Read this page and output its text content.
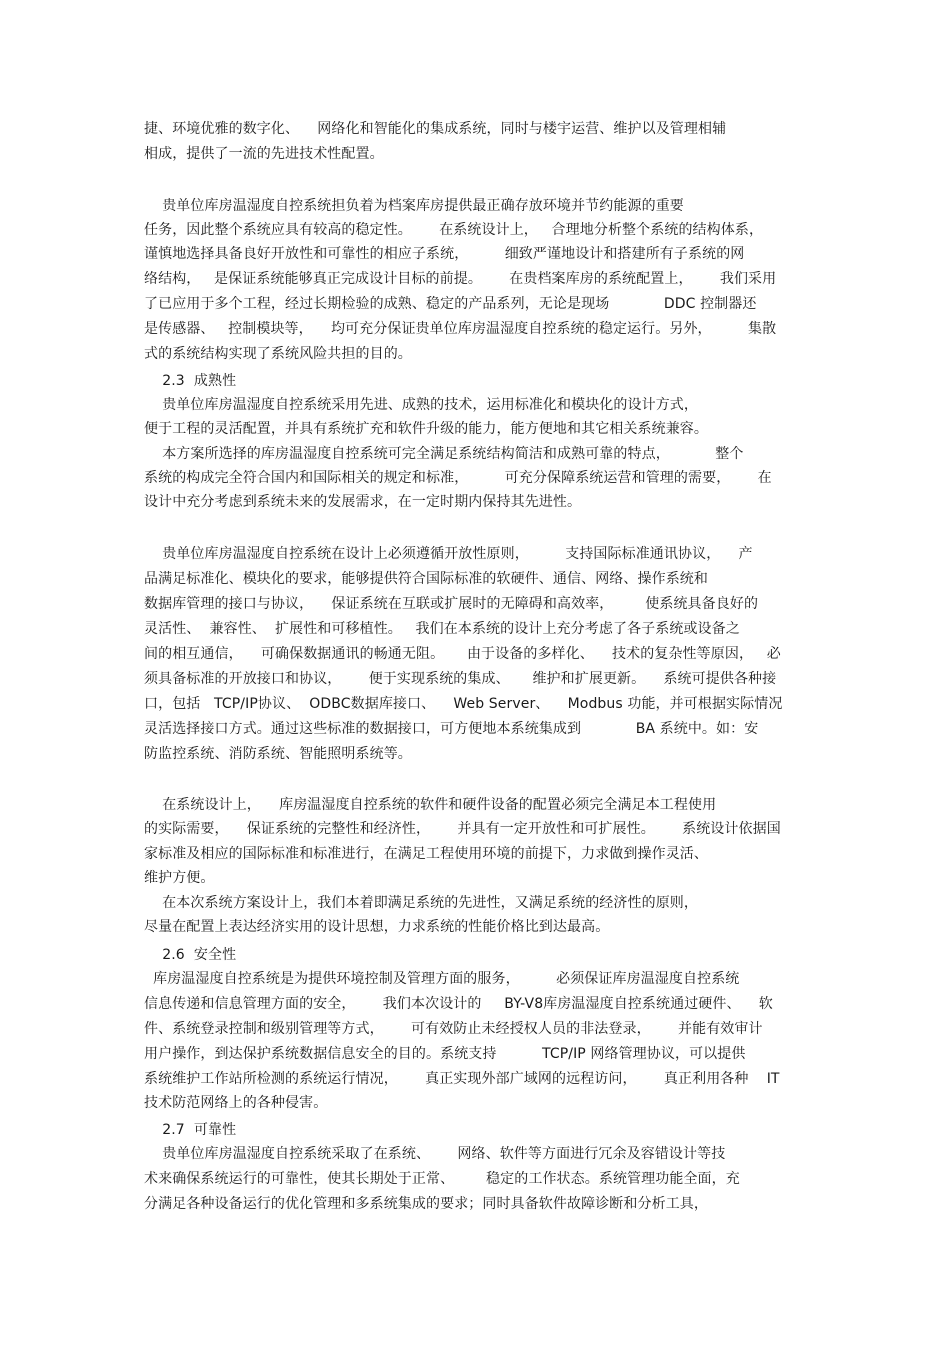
捷、环境优雅的数字化、    网络化和智能化的集成系统，同时与楼宇运营、维护以及管理相辅
相成，提供了一流的先进技术性配置。
贵单位库房温湿度自控系统担负着为档案库房提供最正确存放环境并节约能源的重要
任务，因此整个系统应具有较高的稳定性。      在系统设计上，   合理地分析整个系统的结构体系，
谨慎地选择具备良好开放性和可靠性的相应子系统，        细致严谨地设计和搭建所有子系统的网
络结构，   是保证系统能够真正完成设计目标的前提。      在贵档案库房的系统配置上，      我们采用
了已应用于多个工程，经过长期检验的成熟、稳定的产品系列，无论是现场            DDC 控制器还
是传感器、   控制模块等，    均可充分保证贵单位库房温湿度自控系统的稳定运行。另外，        集散
式的系统结构实现了系统风险共担的目的。
2.3  成熟性
贵单位库房温湿度自控系统采用先进、成熟的技术，运用标准化和模块化的设计方式，
便于工程的灵活配置，并具有系统扩充和软件升级的能力，能方便地和其它相关系统兼容。
本方案所选择的库房温湿度自控系统可完全满足系统结构简洁和成熟可靠的特点，          整个
系统的构成完全符合国内和国际相关的规定和标准，        可充分保障系统运营和管理的需要，      在
设计中充分考虑到系统未来的发展需求，在一定时期内保持其先进性。
贵单位库房温湿度自控系统在设计上必须遵循开放性原则，        支持国际标准通讯协议，    产
品满足标准化、模块化的要求，能够提供符合国际标准的软硬件、通信、网络、操作系统和
数据库管理的接口与协议，    保证系统在互联或扩展时的无障碍和高效率，       使系统具备良好的
灵活性、  兼容性、  扩展性和可移植性。   我们在本系统的设计上充分考虑了各子系统或设备之
间的相互通信，    可确保数据通讯的畅通无阻。     由于设备的多样化、    技术的复杂性等原因，   必
须具备标准的开放接口和协议，      便于实现系统的集成、     维护和扩展更新。    系统可提供各种接
口，包括   TCP/IP协议、  ODBC数据库接口、    Web Server、    Modbus 功能，并可根据实际情况
灵活选择接口方式。通过这些标准的数据接口，可方便地本系统集成到            BA 系统中。如：安
防监控系统、消防系统、智能照明系统等。
在系统设计上，    库房温湿度自控系统的软件和硬件设备的配置必须完全满足本工程使用
的实际需要，    保证系统的完整性和经济性，      并具有一定开放性和可扩展性。      系统设计依据国
家标准及相应的国际标准和标准进行，在满足工程使用环境的前提下，力求做到操作灵活、
维护方便。
在本次系统方案设计上，我们本着即满足系统的先进性，又满足系统的经济性的原则，
尽量在配置上表达经济实用的设计思想，力求系统的性能价格比到达最高。
2.6  安全性
库房温湿度自控系统是为提供环境控制及管理方面的服务，        必须保证库房温湿度自控系统
信息传递和信息管理方面的安全，      我们本次设计的     BY-V8库房温湿度自控系统通过硬件、    软
件、系统登录控制和级别管理等方式，      可有效防止未经授权人员的非法登录，      并能有效审计
用户操作，到达保护系统数据信息安全的目的。系统支持          TCP/IP 网络管理协议，可以提供
系统维护工作站所检测的系统运行情况，      真正实现外部广域网的远程访问，      真正利用各种    IT
技术防范网络上的各种侵害。
2.7  可靠性
贵单位库房温湿度自控系统采取了在系统、      网络、软件等方面进行冗余及容错设计等技
术来确保系统运行的可靠性，使其长期处于正常、       稳定的工作状态。系统管理功能全面，充
分满足各种设备运行的优化管理和多系统集成的要求；同时具备软件故障诊断和分析工具，
